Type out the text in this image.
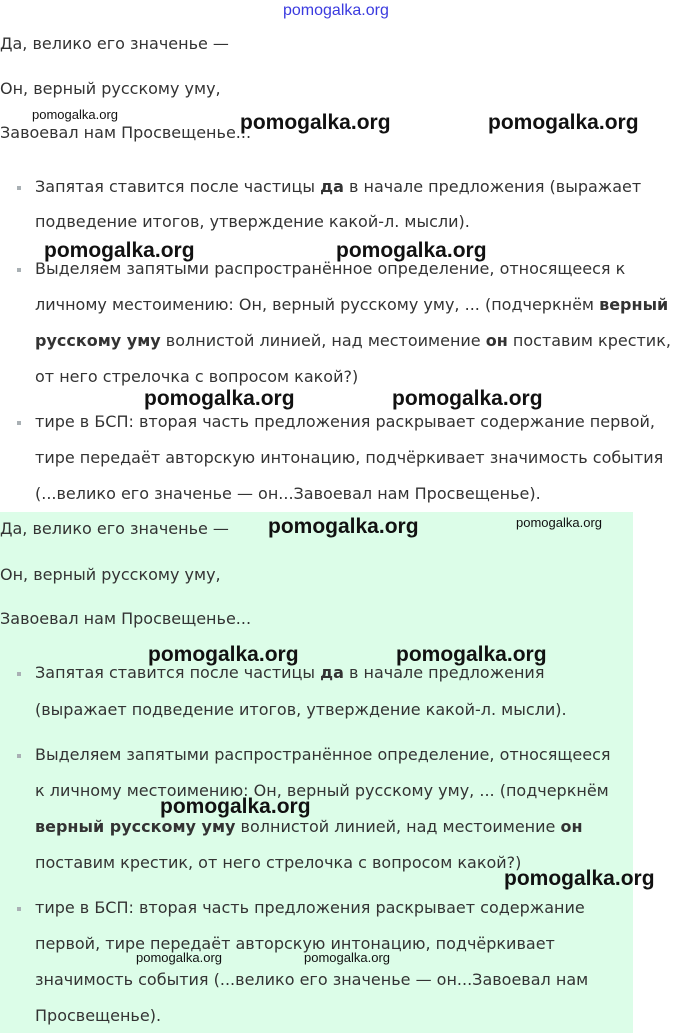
Да, велико его значенье —
Он, верный русскому уму,
Завоевал нам Просвещенье...
Запятая ставится после частицы да в начале предложения (выражает
подведение итогов, утверждение какой-л. мысли).
Выделяем запятыми распространённое определение, относящееся к
личному местоимению: Он, верный русскому уму, ... (подчеркнём верный
русскому уму волнистой линией, над местоимение он поставим крестик,
от него стрелочка с вопросом какой?)
тире в БСП: вторая часть предложения раскрывает содержание первой,
тире передаёт авторскую интонацию, подчёркивает значимость события
(...велико его значенье — он...Завоевал нам Просвещенье).
Да, велико его значенье —
Он, верный русскому уму,
Завоевал нам Просвещенье...
Запятая ставится после частицы да в начале предложения
(выражает подведение итогов, утверждение какой-л. мысли).
Выделяем запятыми распространённое определение, относящееся
к личному местоимению: Он, верный русскому уму, ... (подчеркнём
верный русскому уму волнистой линией, над местоимение он
поставим крестик, от него стрелочка с вопросом какой?)
тире в БСП: вторая часть предложения раскрывает содержание
первой, тире передаёт авторскую интонацию, подчёркивает
значимость события (...велико его значенье — он...Завоевал нам
Просвещенье).
pomogalka.org
pomogalka.org	pomogalka.org	pomogalka.org
pomogalka.org	pomogalka.org
pomogalka.org	pomogalka.org
pomogalka.org	pomogalka.org
pomogalka.org	pomogalka.org
pomogalka.org
pomogalka.org
pomogalka.org	pomogalka.org
